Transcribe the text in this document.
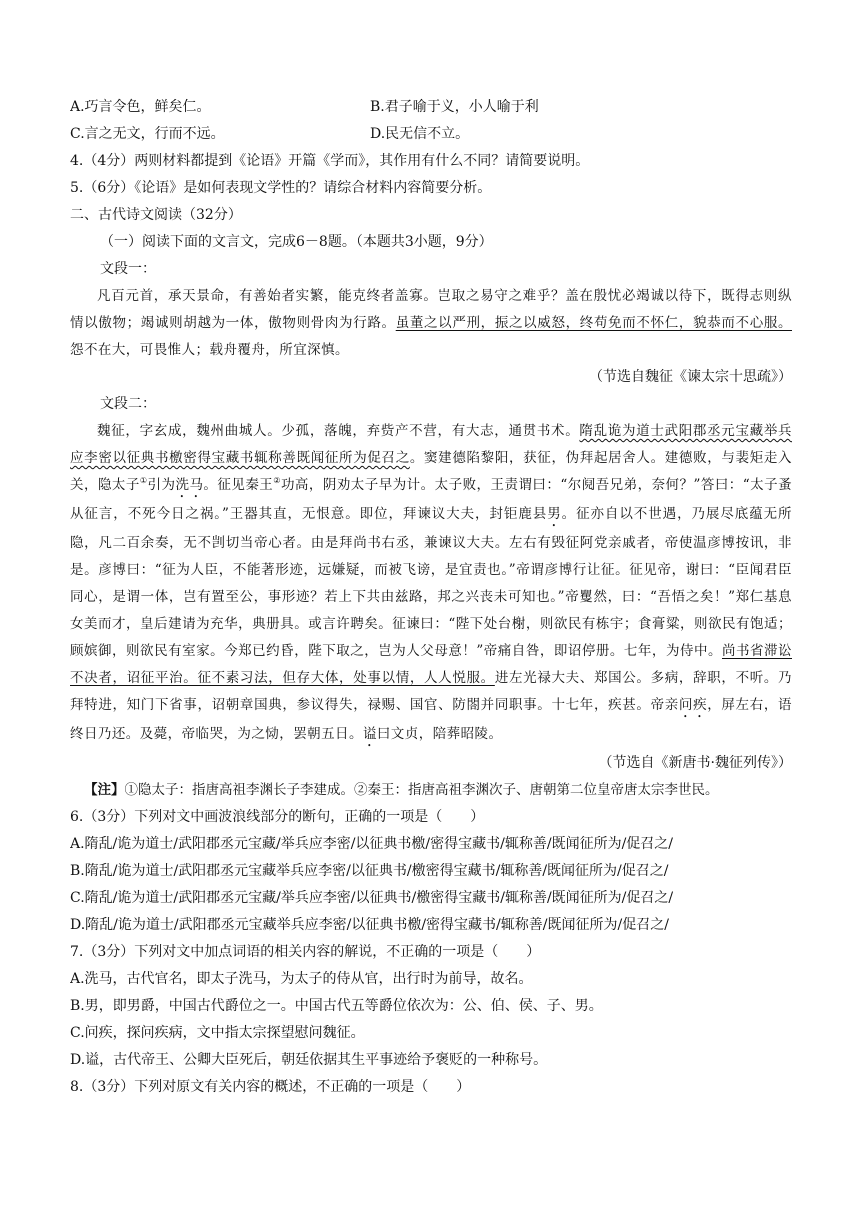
A.巧言令色，鲜矣仁。	B.君子喻于义，小人喻于利
C.言之无文，行而不远。	D.民无信不立。
4.（4分）两则材料都提到《论语》开篇《学而》，其作用有什么不同？请简要说明。
5.（6分）《论语》是如何表现文学性的？请综合材料内容简要分析。
二、古代诗文阅读（32分）
（一）阅读下面的文言文，完成6－8题。（本题共3小题，9分）
文段一：

凡百元首，承天景命，有善始者实繁，能克终者盖寡。岂取之易守之难乎？盖在殷忧必竭诚以待下，既得志则纵情以傲物；竭诚则胡越为一体，傲物则骨肉为行路。虽董之以严刑，振之以威怒，终苟免而不怀仁，貌恭而不心服。怨不在大，可畏惟人；载舟覆舟，所宜深慎。

（节选自魏征《谏太宗十思疏》）
文段二：

魏征，字玄成，魏州曲城人。少孤，落魄，弃赀产不营，有大志，通贯书术。隋乱诡为道士武阳郡丞元宝藏举兵应李密以征典书檄密得宝藏书辄称善既闻征所为促召之。窦建德陷黎阳，获征，伪拜起居舍人。建德败，与裴矩走入关，隐太子①引为洗马。征见秦王②功高，阴劝太子早为计。太子败，王责谓曰：“尔阋吾兄弟，奈何？”答曰：“太子蚤从征言，不死今日之祸。”王器其直，无恨意。即位，拜谏议大夫，封钜鹿县男。征亦自以不世遇，乃展尽底蕴无所隐，凡二百余奏，无不剀切当帝心者。由是拜尚书右丞，兼谏议大夫。左右有毁征阿党亲戚者，帝使温彦博按讯，非是。彦博曰：“征为人臣，不能著形迹，远嫌疑，而被飞谤，是宜责也。”帝谓彦博行让征。征见帝，谢曰：“臣闻君臣同心，是谓一体，岂有置至公，事形迹？若上下共由兹路，邦之兴丧未可知也。”帝矍然，曰：“吾悟之矣！”郑仁基息女美而才，皇后建请为充华，典册具。或言许聘矣。征谏曰：“陛下处台榭，则欲民有栋宇；食膏粱，则欲民有饱适；顾嫔御，则欲民有室家。今郑已约昏，陛下取之，岂为人父母意！”帝痛自咎，即诏停册。七年，为侍中。尚书省滞讼不决者，诏征平治。征不素习法，但存大体，处事以情，人人悦服。进左光禄大夫、郑国公。多病，辞职，不听。乃拜特进，知门下省事，诏朝章国典，参议得失，禄赐、国官、防閤并同职事。十七年，疾甚。帝亲问疾，屏左右，语终日乃还。及薨，帝临哭，为之恸，罢朝五日。谥曰文贞，陪葬昭陵。

（节选自《新唐书·魏征列传》）
【注】①隐太子：指唐高祖李渊长子李建成。②秦王：指唐高祖李渊次子、唐朝第二位皇帝唐太宗李世民。
6.（3分）下列对文中画波浪线部分的断句，正确的一项是（　　）
A.隋乱/诡为道士/武阳郡丞元宝藏/举兵应李密/以征典书檄/密得宝藏书/辄称善/既闻征所为/促召之/
B.隋乱/诡为道士/武阳郡丞元宝藏举兵应李密/以征典书/檄密得宝藏书/辄称善/既闻征所为/促召之/
C.隋乱/诡为道士/武阳郡丞元宝藏/举兵应李密/以征典书/檄密得宝藏书/辄称善/既闻征所为/促召之/
D.隋乱/诡为道士/武阳郡丞元宝藏举兵应李密/以征典书檄/密得宝藏书/辄称善/既闻征所为/促召之/
7.（3分）下列对文中加点词语的相关内容的解说，不正确的一项是（　　）
A.洗马，古代官名，即太子洗马，为太子的侍从官，出行时为前导，故名。
B.男，即男爵，中国古代爵位之一。中国古代五等爵位依次为：公、伯、侯、子、男。
C.问疾，探问疾病，文中指太宗探望慰问魏征。
D.谥，古代帝王、公卿大臣死后，朝廷依据其生平事迹给予褒贬的一种称号。
8.（3分）下列对原文有关内容的概述，不正确的一项是（　　）
